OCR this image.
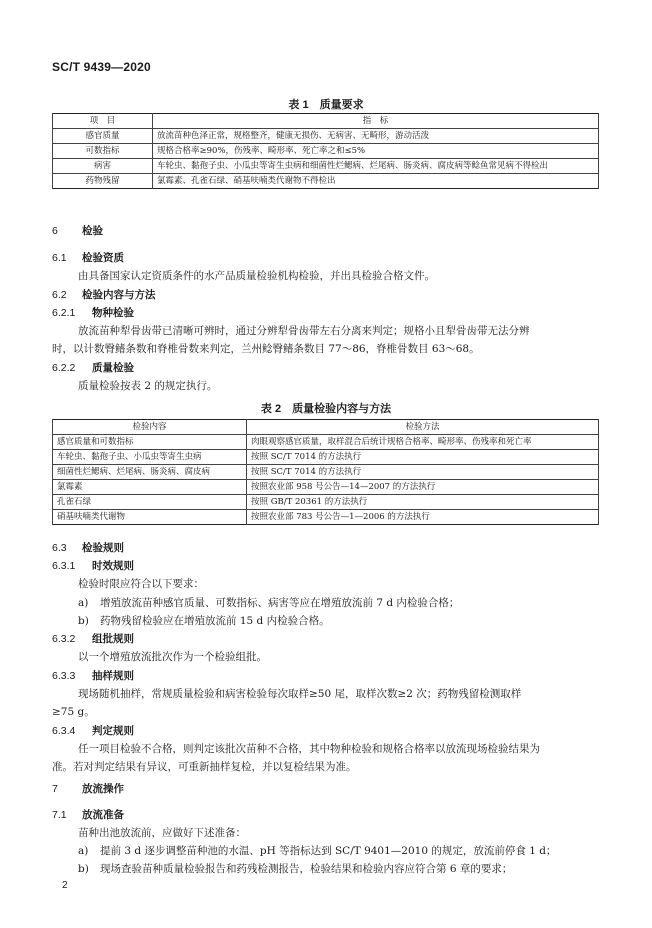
SC/T 9439—2020
表 1　质量要求
项　目	指　标
感官质量	放流苗种色泽正常，规格整齐，健康无损伤、无病害、无畸形，游动活泼
可数指标	规格合格率≥90%，伤残率、畸形率、死亡率之和≤5%
病害	车轮虫、黏孢子虫、小瓜虫等寄生虫病和细菌性烂鳃病、烂尾病、肠炎病、腐皮病等鲶鱼常见病不得检出
药物残留	氯霉素、孔雀石绿、硝基呋喃类代谢物不得检出
6 检验
6.1 检验资质
由具备国家认定资质条件的水产品质量检验机构检验，并出具检验合格文件。
6.2 检验内容与方法
6.2.1 物种检验
放流苗种犁骨齿带已清晰可辨时，通过分辨犁骨齿带左右分离来判定；规格小且犁骨齿带无法分辨
时，以计数臀鳍条数和脊椎骨数来判定，兰州鲶臀鳍条数目 77～86，脊椎骨数目 63～68。
6.2.2 质量检验
质量检验按表 2 的规定执行。
表 2　质量检验内容与方法
检验内容	检验方法
感官质量和可数指标	肉眼观察感官质量，取样混合后统计规格合格率、畸形率、伤残率和死亡率
车轮虫、黏孢子虫、小瓜虫等寄生虫病	按照 SC/T 7014 的方法执行
细菌性烂鳃病、烂尾病、肠炎病、腐皮病	按照 SC/T 7014 的方法执行
氯霉素	按照农业部 958 号公告—14—2007 的方法执行
孔雀石绿	按照 GB/T 20361 的方法执行
硝基呋喃类代谢物	按照农业部 783 号公告—1—2006 的方法执行
6.3 检验规则
6.3.1 时效规则
检验时限应符合以下要求：
a) 增殖放流苗种感官质量、可数指标、病害等应在增殖放流前 7 d 内检验合格；
b) 药物残留检验应在增殖放流前 15 d 内检验合格。
6.3.2 组批规则
以一个增殖放流批次作为一个检验组批。
6.3.3 抽样规则
现场随机抽样，常规质量检验和病害检验每次取样≥50 尾，取样次数≥2 次；药物残留检测取样
≥75 g。
6.3.4 判定规则
任一项目检验不合格，则判定该批次苗种不合格，其中物种检验和规格合格率以放流现场检验结果为
准。若对判定结果有异议，可重新抽样复检，并以复检结果为准。
7 放流操作
7.1 放流准备
苗种出池放流前，应做好下述准备：
a) 提前 3 d 逐步调整苗种池的水温、pH 等指标达到 SC/T 9401—2010 的规定，放流前停食 1 d；
b) 现场查验苗种质量检验报告和药残检测报告，检验结果和检验内容应符合第 6 章的要求；
2
